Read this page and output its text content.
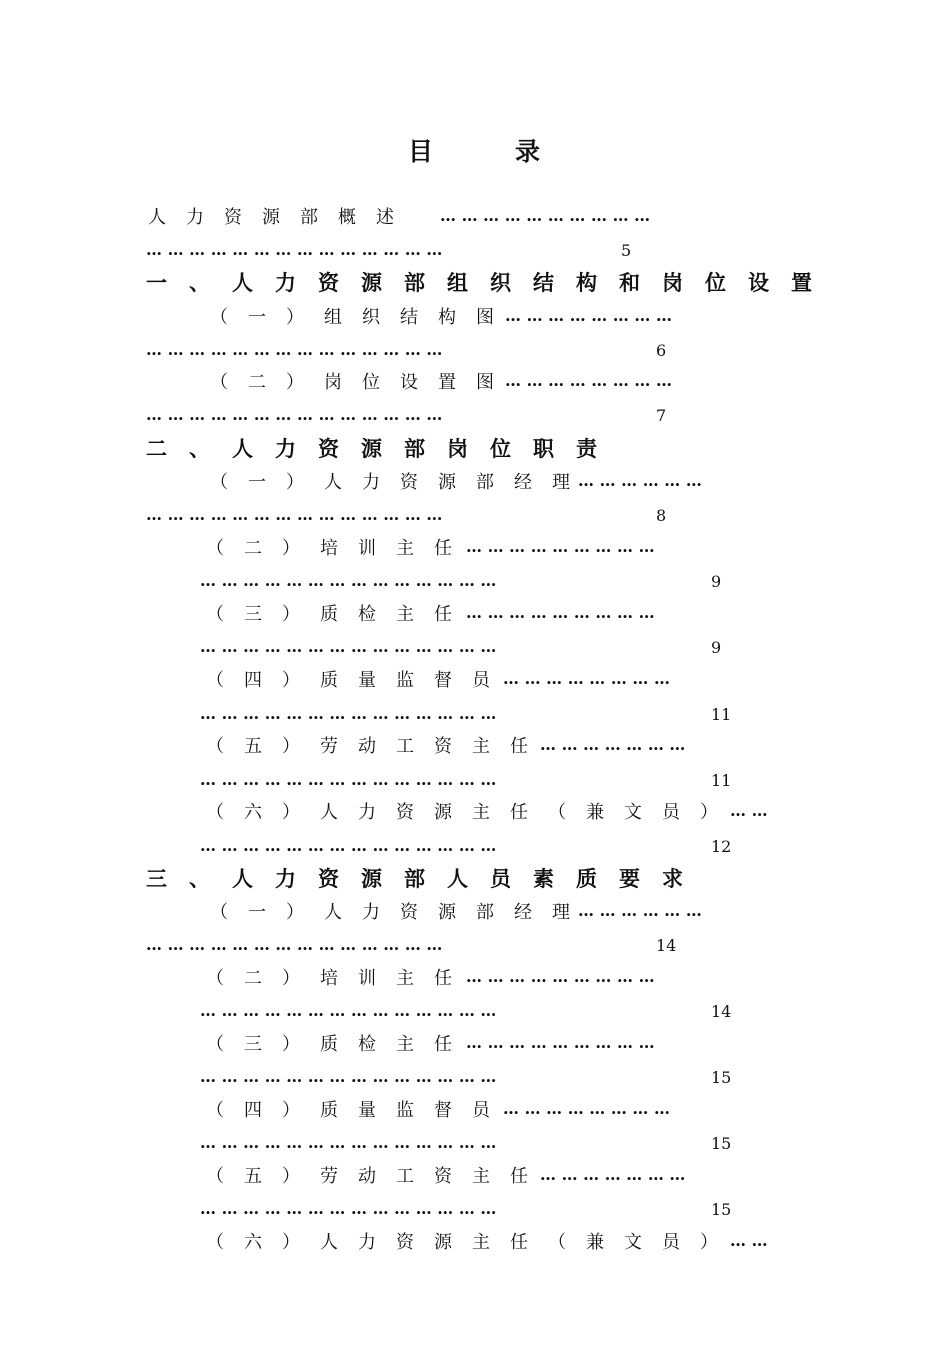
目	录
人力资源部概述 … … … … … … … … … …
… … … … … … … … … … … … … …	5
一、人力资源部组织结构和岗位设置
（一）组织结构图
… … … … … … … …
… … … … … … … … … … … … … …	6
（二）岗位设置图
… … … … … … … …
… … … … … … … … … … … … … …	7
二、人力资源部岗位职责
（一）人力资源部经理
… … … … … …
… … … … … … … … … … … … … …	8
（二）培训主任
… … … … … … … … …
… … … … … … … … … … … … … …	9
（三）质检主任
… … … … … … … … …
… … … … … … … … … … … … … …	9
（四）质量监督员
… … … … … … … …
… … … … … … … … … … … … … …	11
（五）劳动工资主任
… … … … … … …
… … … … … … … … … … … … … …	11
（六）人力资源主任（兼文员）
… …
… … … … … … … … … … … … … …	12
三、人力资源部人员素质要求
（一）人力资源部经理
… … … … … …
… … … … … … … … … … … … … …	14
（二）培训主任
… … … … … … … … …
… … … … … … … … … … … … … …	14
（三）质检主任
… … … … … … … … …
… … … … … … … … … … … … … …	15
（四）质量监督员
… … … … … … … …
… … … … … … … … … … … … … …	15
（五）劳动工资主任
… … … … … … …
… … … … … … … … … … … … … …	15
（六）人力资源主任（兼文员）
… …
